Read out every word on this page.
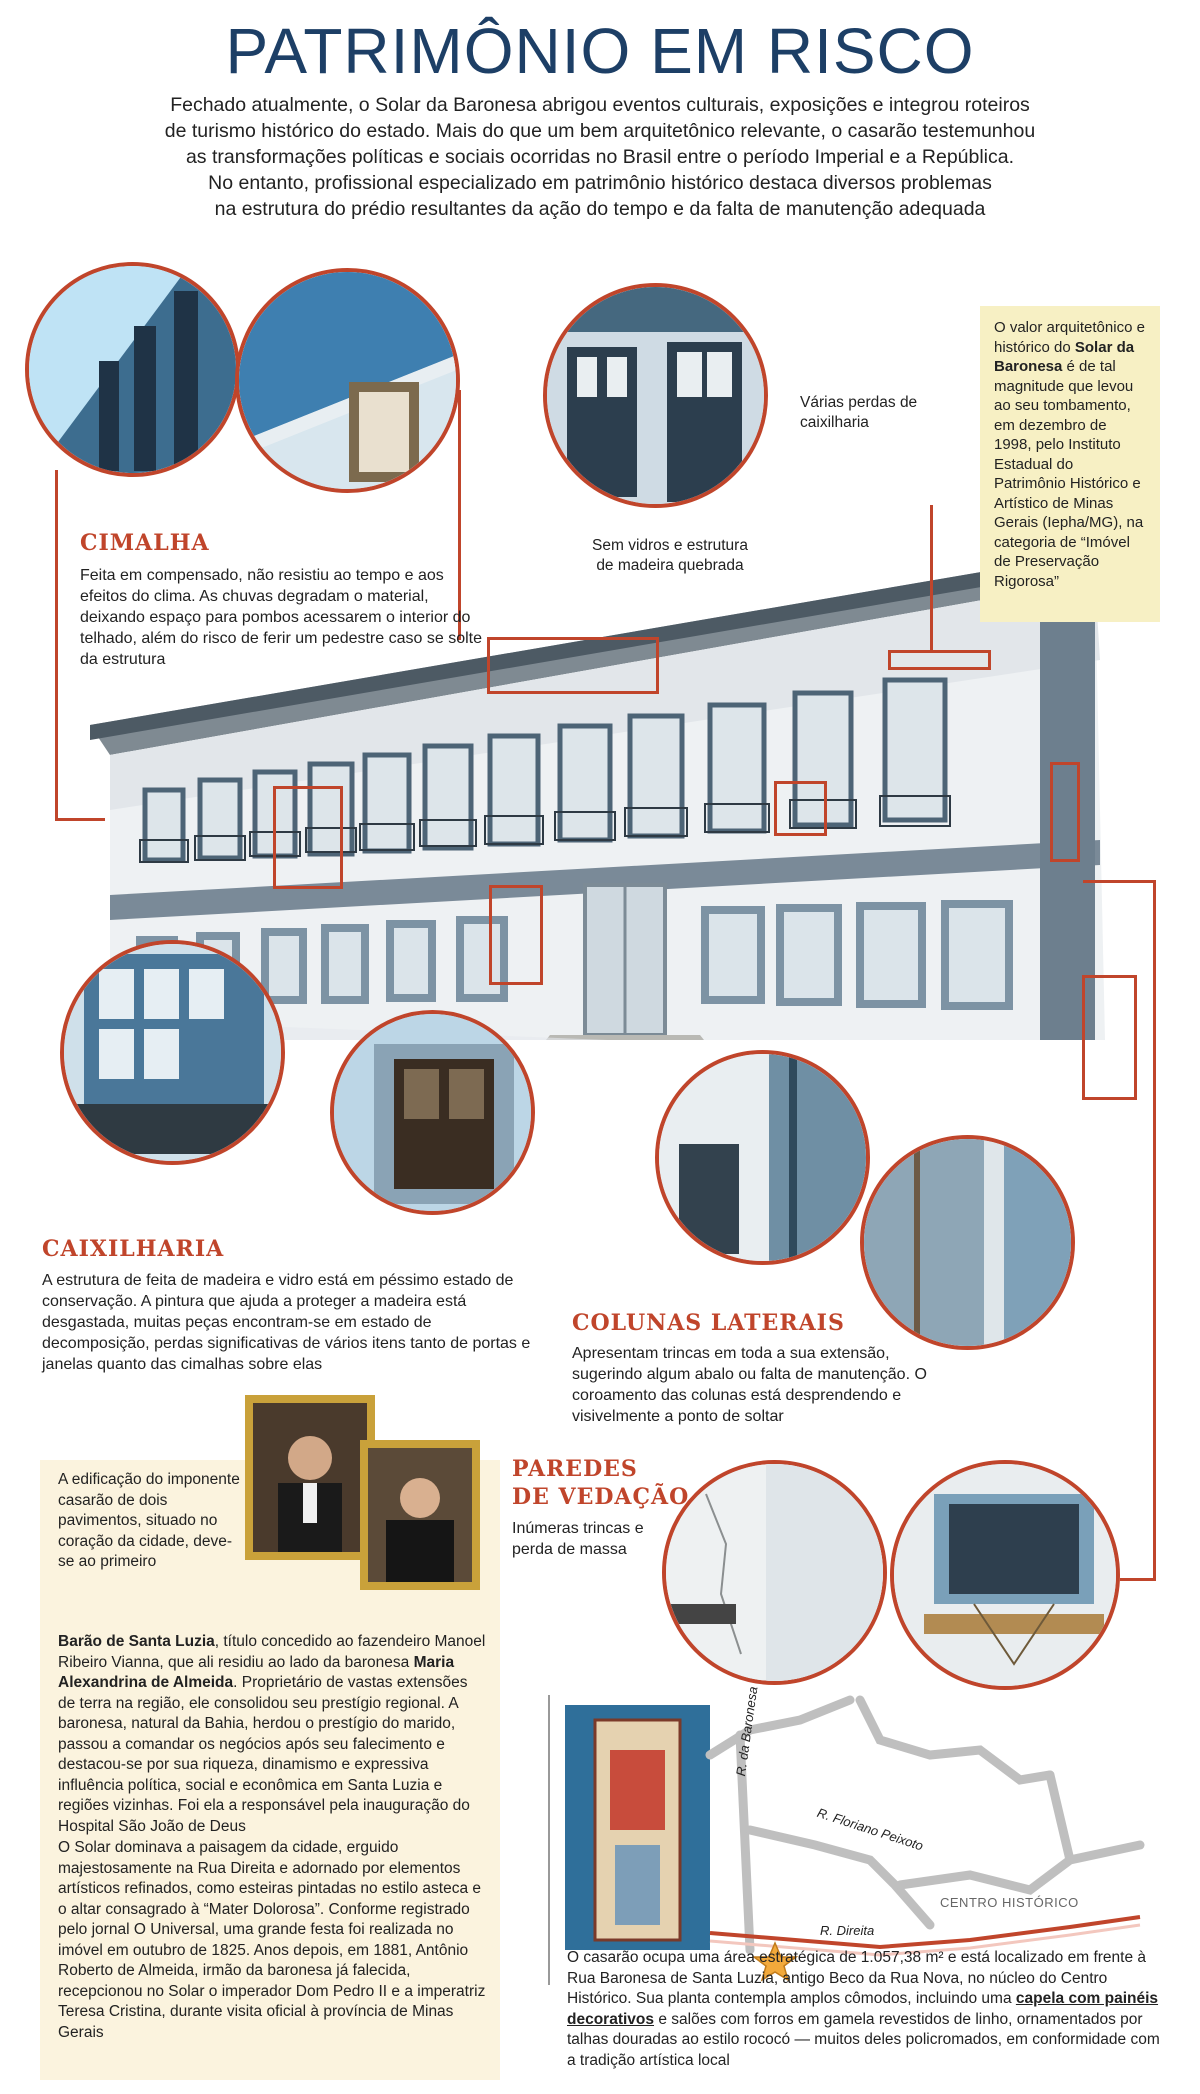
PATRIMÔNIO EM RISCO
Fechado atualmente, o Solar da Baronesa abrigou eventos culturais, exposições e integrou roteiros
de turismo histórico do estado. Mais do que um bem arquitetônico relevante, o casarão testemunhou
as transformações políticas e sociais ocorridas no Brasil entre o período Imperial e a República.
No entanto, profissional especializado em patrimônio histórico destaca diversos problemas
na estrutura do prédio resultantes da ação do tempo e da falta de manutenção adequada
Várias perdas de caixilharia
Sem vidros e estrutura de madeira quebrada
O valor arquitetônico e histórico do Solar da Baronesa é de tal magnitude que levou ao seu tombamento, em dezembro de 1998, pelo Instituto Estadual do Patrimônio Histórico e Artístico de Minas Gerais (Iepha/MG), na categoria de “Imóvel de Preservação Rigorosa”
CIMALHA
Feita em compensado, não resistiu ao tempo e aos efeitos do clima. As chuvas degradam o material, deixando espaço para pombos acessarem o interior do telhado, além do risco de ferir um pedestre caso se solte da estrutura
CAIXILHARIA
A estrutura de feita de madeira e vidro está em péssimo estado de conservação. A pintura que ajuda a proteger a madeira está desgastada, muitas peças encontram-se em estado de decomposição, perdas significativas de vários itens tanto de portas e janelas quanto das cimalhas sobre elas
COLUNAS LATERAIS
Apresentam trincas em toda a sua extensão, sugerindo algum abalo ou falta de manutenção. O coroamento das colunas está desprendendo e visivelmente a ponto de soltar
PAREDES
DE VEDAÇÃO
Inúmeras trincas e perda de massa
A edificação do imponente casarão de dois pavimentos, situado no coração da cidade, deve-se ao primeiro
Barão de Santa Luzia, título concedido ao fazendeiro Manoel Ribeiro Vianna, que ali residiu ao lado da baronesa Maria Alexandrina de Almeida. Proprietário de vastas extensões de terra na região, ele consolidou seu prestígio regional. A baronesa, natural da Bahia, herdou o prestígio do marido, passou a comandar os negócios após seu falecimento e destacou-se por sua riqueza, dinamismo e expressiva influência política, social e econômica em Santa Luzia e regiões vizinhas. Foi ela a responsável pela inauguração do Hospital São João de Deus
O Solar dominava a paisagem da cidade, erguido majestosamente na Rua Direita e adornado por elementos artísticos refinados, como esteiras pintadas no estilo asteca e o altar consagrado à “Mater Dolorosa”. Conforme registrado pelo jornal O Universal, uma grande festa foi realizada no imóvel em outubro de 1825. Anos depois, em 1881, Antônio Roberto de Almeida, irmão da baronesa já falecida, recepcionou no Solar o imperador Dom Pedro II e a imperatriz Teresa Cristina, durante visita oficial à província de Minas Gerais
R. da Baronesa
R. Floriano Peixoto
R. Direita
CENTRO HISTÓRICO
O casarão ocupa uma área estratégica de 1.057,38 m² e está localizado em frente à Rua Baronesa de Santa Luzia, antigo Beco da Rua Nova, no núcleo do Centro Histórico. Sua planta contempla amplos cômodos, incluindo uma capela com painéis decorativos e salões com forros em gamela revestidos de linho, ornamentados por talhas douradas ao estilo rococó — muitos deles policromados, em conformidade com a tradição artística local
